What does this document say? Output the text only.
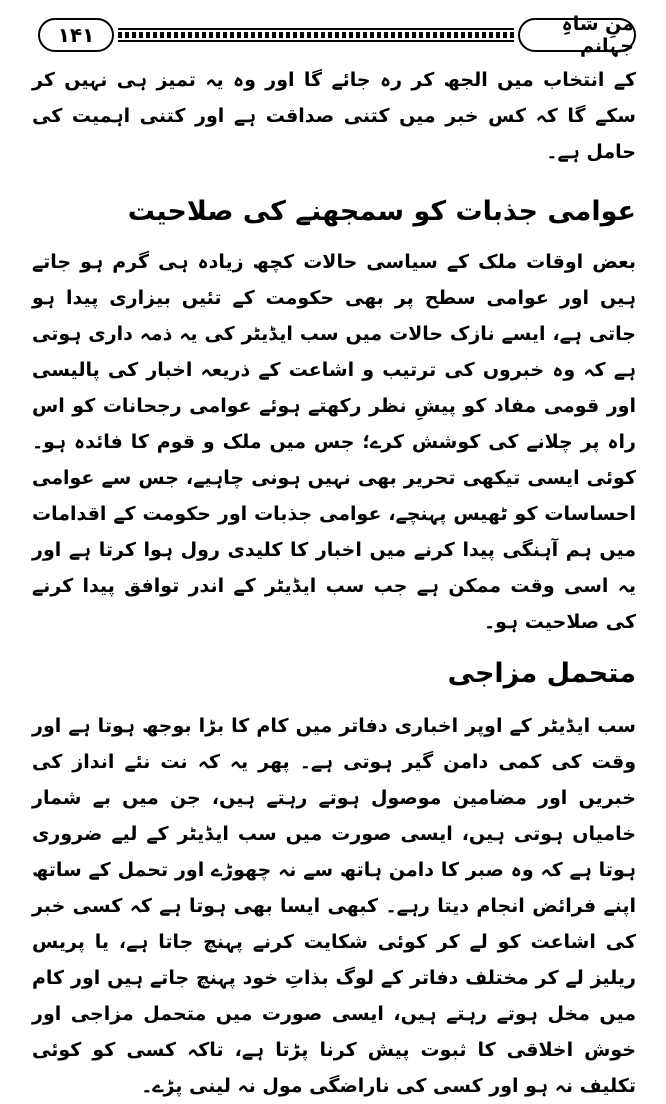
۱۴۱	منِ شاہِ جہانم

کے انتخاب میں الجھ کر رہ جائے گا اور وہ یہ تمیز ہی نہیں کر سکے گا کہ کس خبر میں کتنی صداقت ہے اور کتنی اہمیت کی حامل ہے۔

عوامی جذبات کو سمجھنے کی صلاحیت

بعض اوقات ملک کے سیاسی حالات کچھ زیادہ ہی گرم ہو جاتے ہیں اور عوامی سطح پر بھی حکومت کے تئیں بیزاری پیدا ہو جاتی ہے، ایسے نازک حالات میں سب ایڈیٹر کی یہ ذمہ داری ہوتی ہے کہ وہ خبروں کی ترتیب و اشاعت کے ذریعہ اخبار کی پالیسی اور قومی مفاد کو پیشِ نظر رکھتے ہوئے عوامی رجحانات کو اس راہ پر چلانے کی کوشش کرے؛ جس میں ملک و قوم کا فائدہ ہو۔ کوئی ایسی تیکھی تحریر بھی نہیں ہونی چاہیے، جس سے عوامی احساسات کو ٹھیس پہنچے، عوامی جذبات اور حکومت کے اقدامات میں ہم آہنگی پیدا کرنے میں اخبار کا کلیدی رول ہوا کرتا ہے اور یہ اسی وقت ممکن ہے جب سب ایڈیٹر کے اندر توافق پیدا کرنے کی صلاحیت ہو۔

متحمل مزاجی

سب ایڈیٹر کے اوپر اخباری دفاتر میں کام کا بڑا بوجھ ہوتا ہے اور وقت کی کمی دامن گیر ہوتی ہے۔ پھر یہ کہ نت نئے انداز کی خبریں اور مضامین موصول ہوتے رہتے ہیں، جن میں بے شمار خامیاں ہوتی ہیں، ایسی صورت میں سب ایڈیٹر کے لیے ضروری ہوتا ہے کہ وہ صبر کا دامن ہاتھ سے نہ چھوڑے اور تحمل کے ساتھ اپنے فرائض انجام دیتا رہے۔ کبھی ایسا بھی ہوتا ہے کہ کسی خبر کی اشاعت کو لے کر کوئی شکایت کرنے پہنچ جاتا ہے، یا پریس ریلیز لے کر مختلف دفاتر کے لوگ بذاتِ خود پہنچ جاتے ہیں اور کام میں مخل ہوتے رہتے ہیں، ایسی صورت میں متحمل مزاجی اور خوش اخلاقی کا ثبوت پیش کرنا پڑتا ہے، تاکہ کسی کو کوئی تکلیف نہ ہو اور کسی کی ناراضگی مول نہ لینی پڑے۔
